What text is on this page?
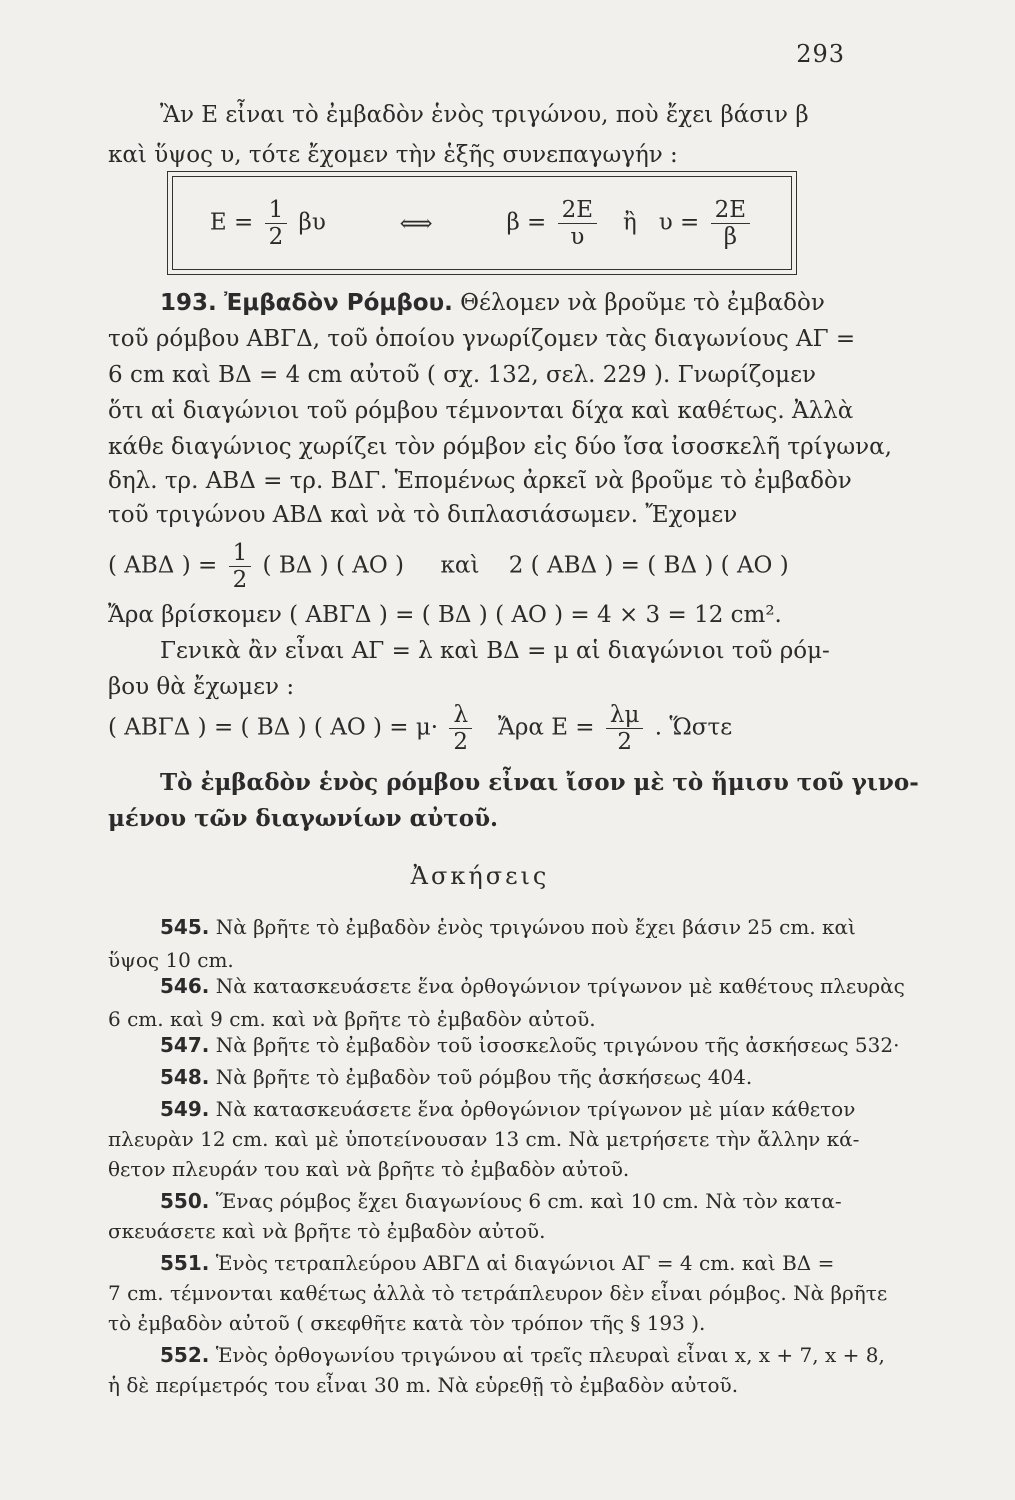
293
Ἂν Ε εἶναι τὸ ἐμβαδὸν ἑνὸς τριγώνου, ποὺ ἔχει βάσιν β
καὶ ὕψος υ, τότε ἔχομεν τὴν ἑξῆς συνεπαγωγήν :
$E = \frac{1}{2}$ βυ	⟺	$\beta = \frac{2E}{\upsilon}$ ἢ $\upsilon = \frac{2E}{\beta}$
193. Ἐμβαδὸν Ρόμβου. Θέλομεν νὰ βροῦμε τὸ ἐμβαδὸν
τοῦ ρόμβου ΑΒΓΔ, τοῦ ὁποίου γνωρίζομεν τὰς διαγωνίους ΑΓ =
6 cm καὶ ΒΔ = 4 cm αὐτοῦ ( σχ. 132, σελ. 229 ). Γνωρίζομεν
ὅτι αἱ διαγώνιοι τοῦ ρόμβου τέμνονται δίχα καὶ καθέτως. Ἀλλὰ
κάθε διαγώνιος χωρίζει τὸν ρόμβον εἰς δύο ἴσα ἰσοσκελῆ τρίγωνα,
δηλ. τρ. ΑΒΔ = τρ. ΒΔΓ. Ἑπομένως ἀρκεῖ νὰ βροῦμε τὸ ἐμβαδὸν
τοῦ τριγώνου ΑΒΔ καὶ νὰ τὸ διπλασιάσωμεν. Ἔχομεν
( ΑΒΔ ) = $\frac{1}{2}$ ( ΒΔ ) ( ΑΟ ) καὶ 2 ( ΑΒΔ ) = ( ΒΔ ) ( ΑΟ )
Ἄρα βρίσκομεν ( ΑΒΓΔ ) = ( ΒΔ ) ( ΑΟ ) = 4 × 3 = 12 cm².
Γενικὰ ἂν εἶναι ΑΓ = λ καὶ ΒΔ = μ αἱ διαγώνιοι τοῦ ρόμ-
βου θὰ ἔχωμεν :
( ΑΒΓΔ ) = ( ΒΔ ) ( ΑΟ ) = $\mu\cdot \frac{\lambda}{2}$ Ἄρα $E = \frac{\lambda\mu}{2}$ . Ὥστε
Τὸ ἐμβαδὸν ἑνὸς ρόμβου εἶναι ἴσον μὲ τὸ ἥμισυ τοῦ γινο-
μένου τῶν διαγωνίων αὐτοῦ.
Ἀσκήσεις
545. Νὰ βρῆτε τὸ ἐμβαδὸν ἑνὸς τριγώνου ποὺ ἔχει βάσιν 25 cm. καὶ
ὕψος 10 cm.
546. Νὰ κατασκευάσετε ἕνα ὀρθογώνιον τρίγωνον μὲ καθέτους πλευρὰς
6 cm. καὶ 9 cm. καὶ νὰ βρῆτε τὸ ἐμβαδὸν αὐτοῦ.
547. Νὰ βρῆτε τὸ ἐμβαδὸν τοῦ ἰσοσκελοῦς τριγώνου τῆς ἀσκήσεως 532·
548. Νὰ βρῆτε τὸ ἐμβαδὸν τοῦ ρόμβου τῆς ἀσκήσεως 404.
549. Νὰ κατασκευάσετε ἕνα ὀρθογώνιον τρίγωνον μὲ μίαν κάθετον
πλευρὰν 12 cm. καὶ μὲ ὑποτείνουσαν 13 cm. Νὰ μετρήσετε τὴν ἄλλην κά-
θετον πλευράν του καὶ νὰ βρῆτε τὸ ἐμβαδὸν αὐτοῦ.
550. Ἕνας ρόμβος ἔχει διαγωνίους 6 cm. καὶ 10 cm. Νὰ τὸν κατα-
σκευάσετε καὶ νὰ βρῆτε τὸ ἐμβαδὸν αὐτοῦ.
551. Ἑνὸς τετραπλεύρου ΑΒΓΔ αἱ διαγώνιοι ΑΓ = 4 cm. καὶ ΒΔ =
7 cm. τέμνονται καθέτως ἀλλὰ τὸ τετράπλευρον δὲν εἶναι ρόμβος. Νὰ βρῆτε
τὸ ἐμβαδὸν αὐτοῦ ( σκεφθῆτε κατὰ τὸν τρόπον τῆς § 193 ).
552. Ἑνὸς ὀρθογωνίου τριγώνου αἱ τρεῖς πλευραὶ εἶναι x, x + 7, x + 8,
ἡ δὲ περίμετρός του εἶναι 30 m. Νὰ εὑρεθῇ τὸ ἐμβαδὸν αὐτοῦ.
